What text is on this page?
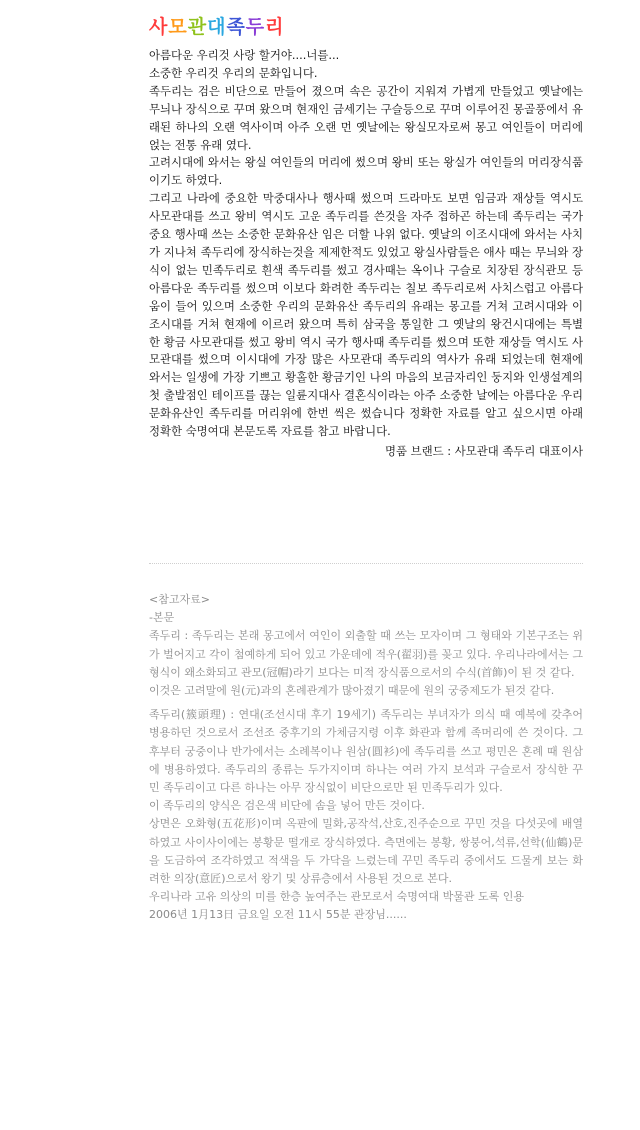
사모관대족두리

아름다운 우리것 사랑 할거야....너를...

소중한 우리것 우리의 문화입니다.

족두리는 검은 비단으로 만들어 졌으며 속은 공간이 지워져 가볍게 만들었고 옛날에는 무늬나 장식으로 꾸며 왔으며 현재인 금세기는 구슬등으로 꾸며 이루어진 몽골풍에서 유래된 하나의 오랜 역사이며 아주 오랜 먼 옛날에는 왕실모자로써 몽고 여인들이 머리에 얹는 전통 유래 였다.

고려시대에 와서는 왕실 여인들의 머리에 썼으며 왕비 또는 왕실가 여인들의 머리장식품이기도 하였다.

그리고 나라에 중요한 막중대사나 행사때 썼으며 드라마도 보면 임금과 재상들 역시도 사모관대를 쓰고 왕비 역시도 고운 족두리를 쓴것을 자주 접하곤 하는데 족두리는 국가 중요 행사때 쓰는 소중한 문화유산 임은 더할 나위 없다. 옛날의 이조시대에 와서는 사치가 지나쳐 족두리에 장식하는것을 제제한적도 있었고 왕실사람들은 애사 때는 무늬와 장식이 없는 민족두리로 흰색 족두리를 썼고 경사때는 옥이나 구슬로 치장된 장식관모 등 아름다운 족두리를 썼으며 이보다 화려한 족두리는 칠보 족두리로써 사치스럽고 아름다움이 들어 있으며 소중한 우리의 문화유산 족두리의 유래는 몽고를 거쳐 고려시대와 이조시대를 거쳐 현재에 이르러 왔으며 특히 삼국을 통일한 그 옛날의 왕건시대에는 특별한 황금 사모관대를 썼고 왕비 역시 국가 행사때 족두리를 썼으며 또한 재상들 역시도 사모관대를 썼으며 이시대에 가장 많은 사모관대 족두리의 역사가 유래 되었는데 현재에 와서는 일생에 가장 기쁘고 황홀한 황금기인 나의 마음의 보금자리인 둥지와 인생설계의 첫 출발점인 테이프를 끊는 일륜지대사 결혼식이라는 아주 소중한 날에는 아름다운 우리 문화유산인 족두리를 머리위에 한번 씩은 썼습니다 정확한 자료를 알고 싶으시면 아래 정확한 숙명여대 본문도록 자료를 참고 바랍니다.

명품 브랜드 : 사모관대 족두리 대표이사

<참고자료>

-본문

족두리 : 족두리는 본래 몽고에서 여인이 외출할 때 쓰는 모자이며 그 형태와 기본구조는 위가 벌어지고 각이 첨예하게 되어 있고 가운데에 적우(翟羽)를 꽂고 있다. 우리나라에서는 그 형식이 왜소화되고 관모(冠帽)라기 보다는 미적 장식품으로서의 수식(首飾)이 된 것 같다.

이것은 고려말에 원(元)과의 혼례관계가 많아졌기 때문에 원의 궁중제도가 된것 같다.

족두리(簇頭理) : 연대(조선시대 후기 19세기) 족두리는 부녀자가 의식 때 예복에 갖추어 병용하던 것으로서 조선조 중후기의 가체금지령 이후 화관과 함께 족머리에 쓴 것이다. 그후부터 궁중이나 반가에서는 소례복이나 원삼(圓衫)에 족두리를 쓰고 평민은 혼례 때 원삼에 병용하였다. 족두리의 종류는 두가지이며 하나는 여러 가지 보석과 구슬로서 장식한 꾸민 족두리이고 다른 하나는 아무 장식없이 비단으로만 된 민족두리가 있다.

이 족두리의 양식은 검은색 비단에 솜을 넣어 만든 것이다.

상면은 오화형(五花形)이며 옥판에 밀화,공작석,산호,진주순으로 꾸민 것을 다섯곳에 배열하였고 사이사이에는 봉황문 떨개로 장식하였다. 측면에는 봉황, 쌍붕어,석류,선학(仙鶴)문을 도금하여 조각하였고 적색을 두 가닥을 느렸는데 꾸민 족두리 중에서도 드물게 보는 화려한 의장(意匠)으로서 왕기 및 상류층에서 사용된 것으로 본다.

우리나라 고유 의상의 미를 한층 높여주는 관모로서 숙명여대 박물관 도록 인용

2006년 1月13日 금요일 오전 11시 55분 관장님......
